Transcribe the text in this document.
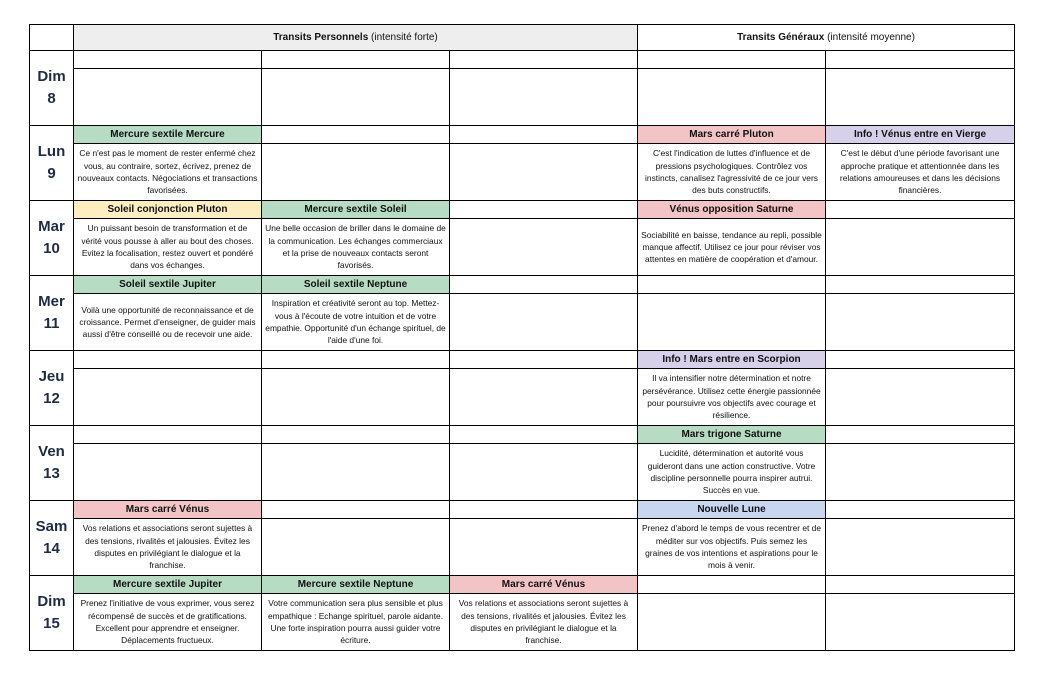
	Transits Personnels (intensité forte)			Transits Généraux (intensité moyenne)	

Dim
8					

Lun
9	Mercure sextile Mercure			Mars carré Pluton	Info ! Vénus entre en Vierge
	Ce n'est pas le moment de rester enfermé chez vous, au contraire, sortez, écrivez, prenez de nouveaux contacts. Négociations et transactions favorisées.			C'est l'indication de luttes d'influence et de pressions psychologiques. Contrôlez vos instincts, canalisez l'agressivité de ce jour vers des buts constructifs.	C'est le début d'une période favorisant une approche pratique et attentionnée dans les relations amoureuses et dans les décisions financières.

Mar
10	Soleil conjonction Pluton	Mercure sextile Soleil		Vénus opposition Saturne	
	Un puissant besoin de transformation et de vérité vous pousse à aller au bout des choses. Evitez la focalisation, restez ouvert et pondéré dans vos échanges.	Une belle occasion de briller dans le domaine de la communication. Les échanges commerciaux et la prise de nouveaux contacts seront favorisés.		Sociabilité en baisse, tendance au repli, possible manque affectif. Utilisez ce jour pour réviser vos attentes en matière de coopération et d'amour.	

Mer
11	Soleil sextile Jupiter	Soleil sextile Neptune			
	Voilà une opportunité de reconnaissance et de croissance. Permet d'enseigner, de guider mais aussi d'être conseillé ou de recevoir une aide.	Inspiration et créativité seront au top. Mettez-vous à l'écoute de votre intuition et de votre empathie. Opportunité d'un échange spirituel, de l'aide d'une foi.			

Jeu
12				Info ! Mars entre en Scorpion	
				Il va intensifier notre détermination et notre persévérance. Utilisez cette énergie passionnée pour poursuivre vos objectifs avec courage et résilience.	

Ven
13				Mars trigone Saturne	
				Lucidité, détermination et autorité vous guideront dans une action constructive. Votre discipline personnelle pourra inspirer autrui. Succès en vue.	

Sam
14	Mars carré Vénus			Nouvelle Lune	
	Vos relations et associations seront sujettes à des tensions, rivalités et jalousies. Évitez les disputes en privilégiant le dialogue et la franchise.			Prenez d'abord le temps de vous recentrer et de méditer sur vos objectifs. Puis semez les graines de vos intentions et aspirations pour le mois à venir.	

Dim
15	Mercure sextile Jupiter	Mercure sextile Neptune	Mars carré Vénus		
	Prenez l'initiative de vous exprimer, vous serez récompensé de succès et de gratifications. Excellent pour apprendre et enseigner. Déplacements fructueux.	Votre communication sera plus sensible et plus empathique : Echange spirituel, parole aidante. Une forte inspiration pourra aussi guider votre écriture.	Vos relations et associations seront sujettes à des tensions, rivalités et jalousies. Évitez les disputes en privilégiant le dialogue et la franchise.		
